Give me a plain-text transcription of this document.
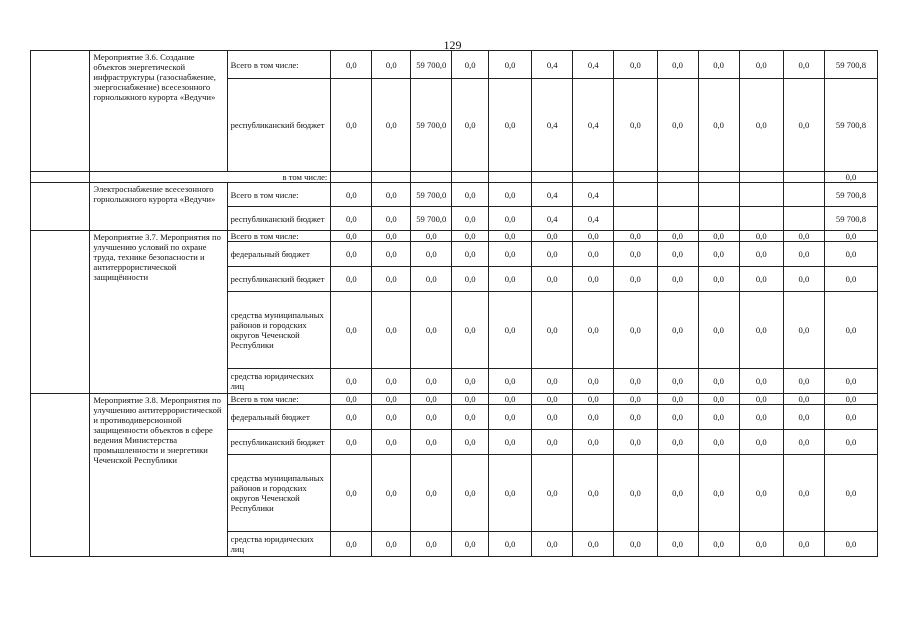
129
	Мероприятие 3.6. Создание объектов энергетической инфраструктуры (газоснабжение, энергоснабжение) всесезонного горнолыжного курорта «Ведучи»	Всего в том числе:	0,0	0,0	59 700,0	0,0	0,0	0,4	0,4	0,0	0,0	0,0	0,0	0,0	59 700,8
		республиканский бюджет	0,0	0,0	59 700,0	0,0	0,0	0,4	0,4	0,0	0,0	0,0	0,0	0,0	59 700,8
	в том числе:														0,0
	Электроснабжение всесезонного горнолыжного курорта «Ведучи»	Всего в том числе:	0,0	0,0	59 700,0	0,0	0,0	0,4	0,4						59 700,8
		республиканский бюджет	0,0	0,0	59 700,0	0,0	0,0	0,4	0,4						59 700,8
	Мероприятие 3.7. Мероприятия по улучшению условий по охране труда, технике безопасности и антитеррористической защищённости	Всего в том числе:	0,0	0,0	0,0	0,0	0,0	0,0	0,0	0,0	0,0	0,0	0,0	0,0	0,0
		федеральный бюджет	0,0	0,0	0,0	0,0	0,0	0,0	0,0	0,0	0,0	0,0	0,0	0,0	0,0
		республиканский бюджет	0,0	0,0	0,0	0,0	0,0	0,0	0,0	0,0	0,0	0,0	0,0	0,0	0,0
		средства муниципальных районов и городских округов Чеченской Республики	0,0	0,0	0,0	0,0	0,0	0,0	0,0	0,0	0,0	0,0	0,0	0,0	0,0
		средства юридических лиц	0,0	0,0	0,0	0,0	0,0	0,0	0,0	0,0	0,0	0,0	0,0	0,0	0,0
	Мероприятие 3.8. Мероприятия по улучшению антитеррористической и противодиверсионной защищенности объектов в сфере ведения Министерства промышленности и энергетики Чеченской Республики	Всего в том числе:	0,0	0,0	0,0	0,0	0,0	0,0	0,0	0,0	0,0	0,0	0,0	0,0	0,0
		федеральный бюджет	0,0	0,0	0,0	0,0	0,0	0,0	0,0	0,0	0,0	0,0	0,0	0,0	0,0
		республиканский бюджет	0,0	0,0	0,0	0,0	0,0	0,0	0,0	0,0	0,0	0,0	0,0	0,0	0,0
		средства муниципальных районов и городских округов Чеченской Республики	0,0	0,0	0,0	0,0	0,0	0,0	0,0	0,0	0,0	0,0	0,0	0,0	0,0
		средства юридических лиц	0,0	0,0	0,0	0,0	0,0	0,0	0,0	0,0	0,0	0,0	0,0	0,0	0,0
